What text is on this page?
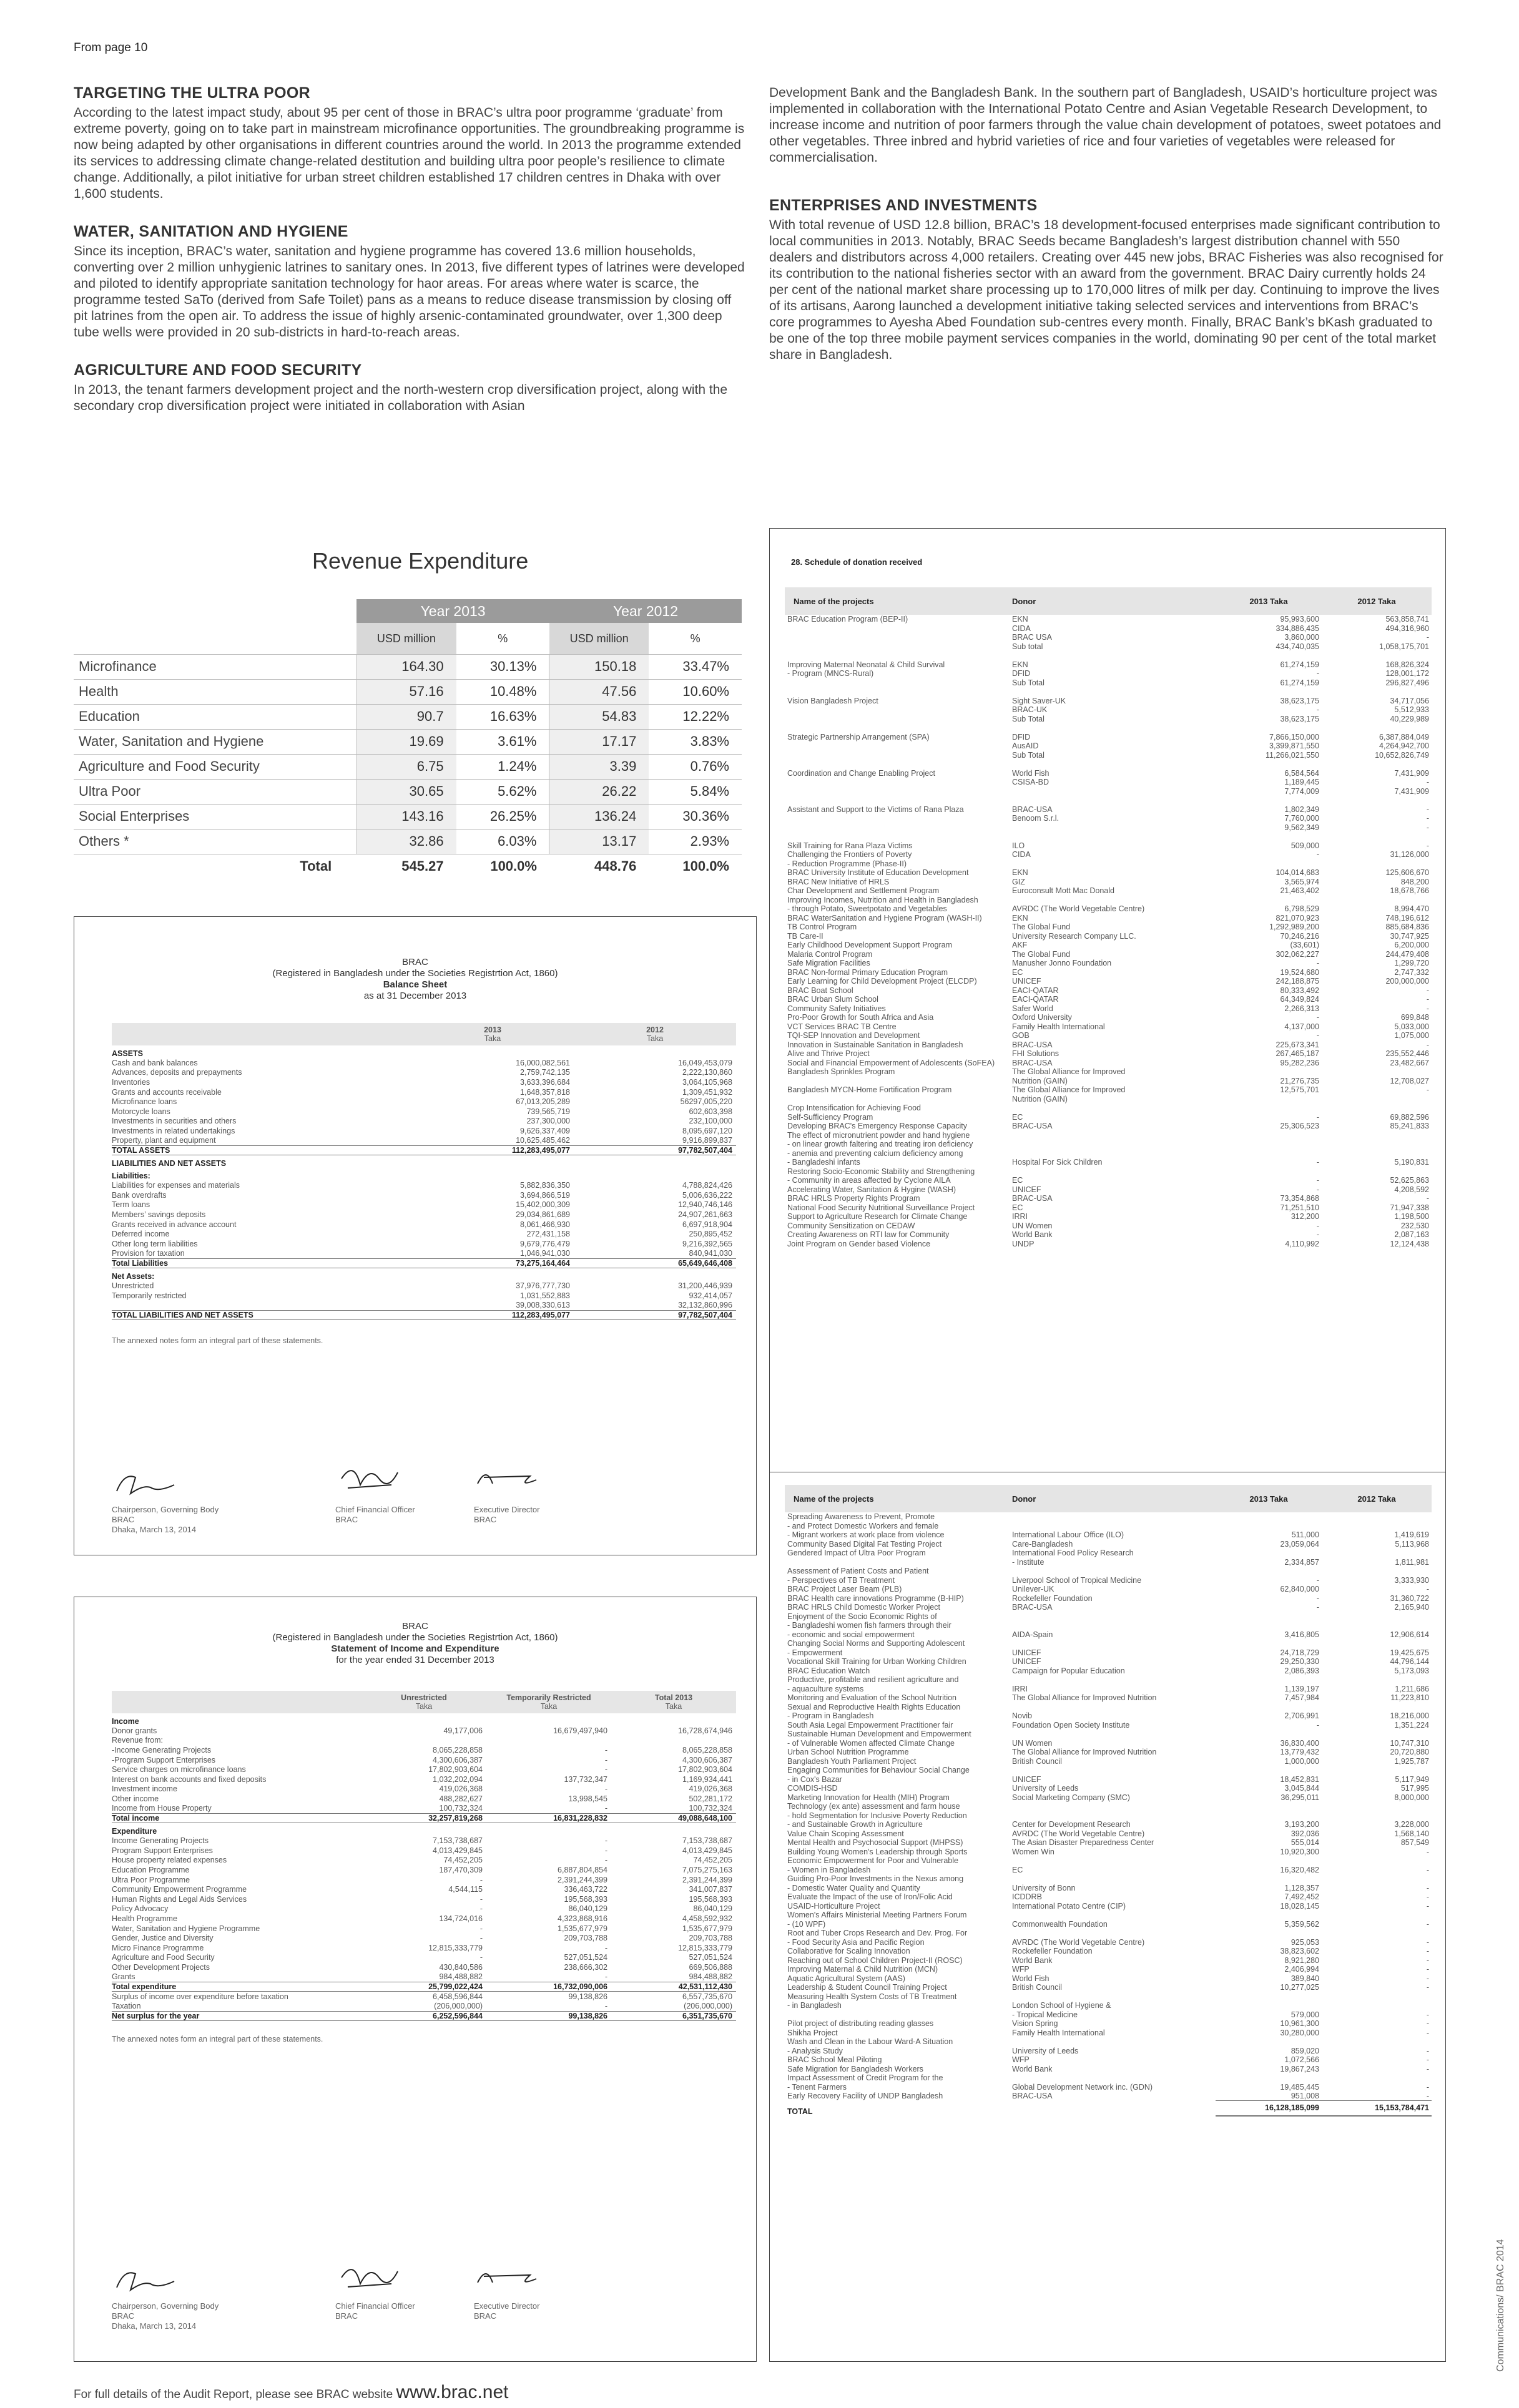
From page 10
TARGETING THE ULTRA POOR

According to the latest impact study, about 95 per cent of those in BRAC’s ultra poor programme ‘graduate’ from extreme poverty, going on to take part in mainstream microfinance opportunities. The groundbreaking programme is now being adapted by other organisations in different countries around the world. In 2013 the programme extended its services to addressing climate change-related destitution and building ultra poor people’s resilience to climate change. Additionally, a pilot initiative for urban street children established 17 children centres in Dhaka with over 1,600 students.

WATER, SANITATION AND HYGIENE

Since its inception, BRAC’s water, sanitation and hygiene programme has covered 13.6 million households, converting over 2 million unhygienic latrines to sanitary ones. In 2013, five different types of latrines were developed and piloted to identify appropriate sanitation technology for haor areas. For areas where water is scarce, the programme tested SaTo (derived from Safe Toilet) pans as a means to reduce disease transmission by closing off pit latrines from the open air. To address the issue of highly arsenic-contaminated groundwater, over 1,300 deep tube wells were provided in 20 sub-districts in hard-to-reach areas.

AGRICULTURE AND FOOD SECURITY

In 2013, the tenant farmers development project and the north-western crop diversification project, along with the secondary crop diversification project were initiated in collaboration with Asian

Development Bank and the Bangladesh Bank. In the southern part of Bangladesh, USAID’s horticulture project was implemented in collaboration with the International Potato Centre and Asian Vegetable Research Development, to increase income and nutrition of poor farmers through the value chain development of potatoes, sweet potatoes and other vegetables. Three inbred and hybrid varieties of rice and four varieties of vegetables were released for commercialisation.

ENTERPRISES AND INVESTMENTS

With total revenue of USD 12.8 billion, BRAC’s 18 development-focused enterprises made significant contribution to local communities in 2013. Notably, BRAC Seeds became Bangladesh’s largest distribution channel with 550 dealers and distributors across 4,000 retailers. Creating over 445 new jobs, BRAC Fisheries was also recognised for its contribution to the national fisheries sector with an award from the government. BRAC Dairy currently holds 24 per cent of the national market share processing up to 170,000 litres of milk per day. Continuing to improve the lives of its artisans, Aarong launched a development initiative taking selected services and interventions from BRAC’s core programmes to Ayesha Abed Foundation sub-centres every month. Finally, BRAC Bank’s bKash graduated to be one of the top three mobile payment services companies in the world, dominating 90 per cent of the total market share in Bangladesh.

Revenue Expenditure
	Year 2013		Year 2012	
	USD million	%	USD million	%
Microfinance	164.30	30.13%	150.18	33.47%
Health	57.16	10.48%	47.56	10.60%
Education	90.7	16.63%	54.83	12.22%
Water, Sanitation and Hygiene	19.69	3.61%	17.17	3.83%
Agriculture and Food Security	6.75	1.24%	3.39	0.76%
Ultra Poor	30.65	5.62%	26.22	5.84%
Social Enterprises	143.16	26.25%	136.24	30.36%
Others *	32.86	6.03%	13.17	2.93%
Total	545.27	100.0%	448.76	100.0%
BRAC
(Registered in Bangladesh under the Societies Registrtion Act, 1860)
Balance Sheet
as at 31 December 2013
	2013
Taka	2012
Taka
ASSETS		
Cash and bank balances	16,000,082,561	16,049,453,079
Advances, deposits and prepayments	2,759,742,135	2,222,130,860
Inventories	3,633,396,684	3,064,105,968
Grants and accounts receivable	1,648,357,818	1,309,451,932
Microfinance loans	67,013,205,289	56297,005,220
Motorcycle loans	739,565,719	602,603,398
Investments in securities and others	237,300,000	232,100,000
Investments in related undertakings	9,626,337,409	8,095,697,120
Property, plant and equipment	10,625,485,462	9,916,899,837
TOTAL ASSETS	112,283,495,077	97,782,507,404
LIABILITIES AND NET ASSETS		
Liabilities:		
Liabilities for expenses and materials	5,882,836,350	4,788,824,426
Bank overdrafts	3,694,866,519	5,006,636,222
Term loans	15,402,000,309	12,940,746,146
Members’ savings deposits	29,034,861,689	24,907,261,663
Grants received in advance account	8,061,466,930	6,697,918,904
Deferred income	272,431,158	250,895,452
Other long term liabilities	9,679,776,479	9,216,392,565
Provision for taxation	1,046,941,030	840,941,030
Total Liabilities	73,275,164,464	65,649,646,408
Net Assets:		
Unrestricted	37,976,777,730	31,200,446,939
Temporarily restricted	1,031,552,883	932,414,057
	39,008,330,613	32,132,860,996
TOTAL LIABILITIES AND NET ASSETS	112,283,495,077	97,782,507,404
The annexed notes form an integral part of these statements.
Chairperson, Governing Body
BRAC
Dhaka, March 13, 2014
Chief Financial Officer
BRAC
Executive Director
BRAC
BRAC
(Registered in Bangladesh under the Societies Registrtion Act, 1860)
Statement of Income and Expenditure
for the year ended 31 December 2013
	Unrestricted
Taka	Temporarily Restricted
Taka	Total 2013
Taka
Income			
Donor grants	49,177,006	16,679,497,940	16,728,674,946
Revenue from:			
-Income Generating Projects	8,065,228,858	-	8,065,228,858
-Program Support Enterprises	4,300,606,387	-	4,300,606,387
Service charges on microfinance loans	17,802,903,604	-	17,802,903,604
Interest on bank accounts and fixed deposits	1,032,202,094	137,732,347	1,169,934,441
Investment income	419,026,368	-	419,026,368
Other income	488,282,627	13,998,545	502,281,172
Income from House Property	100,732,324	-	100,732,324
Total income	32,257,819,268	16,831,228,832	49,088,648,100
Expenditure			
Income Generating Projects	7,153,738,687	-	7,153,738,687
Program Support Enterprises	4,013,429,845	-	4,013,429,845
House property related expenses	74,452,205	-	74,452,205
Education Programme	187,470,309	6,887,804,854	7,075,275,163
Ultra Poor Programme	-	2,391,244,399	2,391,244,399
Community Empowerment Programme	4,544,115	336,463,722	341,007,837
Human Rights and Legal Aids Services	-	195,568,393	195,568,393
Policy Advocacy	-	86,040,129	86,040,129
Health Programme	134,724,016	4,323,868,916	4,458,592,932
Water, Sanitation and Hygiene Programme	-	1,535,677,979	1,535,677,979
Gender, Justice and Diversity	-	209,703,788	209,703,788
Micro Finance Programme	12,815,333,779	-	12,815,333,779
Agriculture and Food Security	-	527,051,524	527,051,524
Other Development Projects	430,840,586	238,666,302	669,506,888
Grants	984,488,882	-	984,488,882
Total expenditure	25,799,022,424	16,732,090,006	42,531,112,430
Surplus of income over expenditure before taxation	6,458,596,844	99,138,826	6,557,735,670
Taxation	(206,000,000)	-	(206,000,000)
Net surplus for the year	6,252,596,844	99,138,826	6,351,735,670
The annexed notes form an integral part of these statements.
Chairperson, Governing Body
BRAC
Dhaka, March 13, 2014
Chief Financial Officer
BRAC
Executive Director
BRAC
28. Schedule of donation received
Name of the projects	Donor	2013 Taka	2012 Taka
BRAC Education Program (BEP-II)	EKN	95,993,600	563,858,741
	CIDA	334,886,435	494,316,960
	BRAC USA	3,860,000	-
	Sub total	434,740,035	1,058,175,701

Improving Maternal Neonatal & Child Survival	EKN	61,274,159	168,826,324
- Program (MNCS-Rural)	DFID	-	128,001,172
	Sub Total	61,274,159	296,827,496

Vision Bangladesh Project	Sight Saver-UK	38,623,175	34,717,056
	BRAC-UK	-	5,512,933
	Sub Total	38,623,175	40,229,989

Strategic Partnership Arrangement (SPA)	DFID	7,866,150,000	6,387,884,049
	AusAID	3,399,871,550	4,264,942,700
	Sub Total	11,266,021,550	10,652,826,749

Coordination and Change Enabling Project	World Fish	6,584,564	7,431,909
	CSISA-BD	1,189,445	-
		7,774,009	7,431,909

Assistant and Support to the Victims of Rana Plaza	BRAC-USA	1,802,349	-
	Benoom S.r.l.	7,760,000	-
		9,562,349	-

Skill Training for Rana Plaza Victims	ILO	509,000	-
Challenging the Frontiers of Poverty	CIDA	-	31,126,000
- Reduction Programme (Phase-II)			
BRAC University Institute of Education Development	EKN	104,014,683	125,606,670
BRAC New Initiative of HRLS	GIZ	3,565,974	848,200
Char Development and Settlement Program	Euroconsult Mott Mac Donald	21,463,402	18,678,766
Improving Incomes, Nutrition and Health in Bangladesh			
- through Potato, Sweetpotato and Vegetables	AVRDC (The World Vegetable Centre)	6,798,529	8,994,470
BRAC WaterSanitation and Hygiene Program (WASH-II)	EKN	821,070,923	748,196,612
TB Control Program	The Global Fund	1,292,989,200	885,684,836
TB Care-II	University Research Company LLC.	70,246,216	30,747,925
Early Childhood Development Support Program	AKF	(33,601)	6,200,000
Malaria Control Program	The Global Fund	302,062,227	244,479,408
Safe Migration Facilities	Manusher Jonno Foundation	-	1,299,720
BRAC Non-formal Primary Education Program	EC	19,524,680	2,747,332
Early Learning for Child Development Project (ELCDP)	UNICEF	242,188,875	200,000,000
BRAC Boat School	EACI-QATAR	80,333,492	-
BRAC Urban Slum School	EACI-QATAR	64,349,824	-
Community Safety Initiatives	Safer World	2,266,313	-
Pro-Poor Growth for South Africa and Asia	Oxford University	-	699,848
VCT Services BRAC TB Centre	Family Health International	4,137,000	5,033,000
TQI-SEP Innovation and Development	GOB	-	1,075,000
Innovation in Sustainable Sanitation in Bangladesh	BRAC-USA	225,673,341	-
Alive and Thrive Project	FHI Solutions	267,465,187	235,552,446
Social and Financial Empowerment of Adolescents (SoFEA)	BRAC-USA	95,282,236	23,482,667
Bangladesh Sprinkles Program	The Global Alliance for Improved		
	Nutrition (GAIN)	21,276,735	12,708,027
Bangladesh MYCN-Home Fortification Program	The Global Alliance for Improved	12,575,701	-
	Nutrition (GAIN)		
Crop Intensification for Achieving Food			
Self-Sufficiency Program	EC	-	69,882,596
Developing BRAC's Emergency Response Capacity	BRAC-USA	25,306,523	85,241,833
The effect of micronutrient powder and hand hygiene			
- on linear growth faltering and treating iron deficiency			
- anemia and preventing calcium deficiency among			
- Bangladeshi infants	Hospital For Sick Children	-	5,190,831
Restoring Socio-Economic Stability and Strengthening			
- Community in areas affected by Cyclone AILA	EC	-	52,625,863
Accelerating Water, Sanitation & Hygine (WASH)	UNICEF	-	4,208,592
BRAC HRLS Property Rights Program	BRAC-USA	73,354,868	-
National Food Security Nutritional Surveillance Project	EC	71,251,510	71,947,338
Support to Agriculture Research for Climate Change	IRRI	312,200	1,198,500
Community Sensitization on CEDAW	UN Women	-	232,530
Creating Awareness on RTI law for Community	World Bank	-	2,087,163
Joint Program on Gender based Violence	UNDP	4,110,992	12,124,438
Name of the projects	Donor	2013 Taka	2012 Taka
Spreading Awareness to Prevent, Promote			
- and Protect Domestic Workers and female			
- Migrant workers at work place from violence	International Labour Office (ILO)	511,000	1,419,619
Community Based Digital Fat Testing Project	Care-Bangladesh	23,059,064	5,113,968
Gendered Impact of Ultra Poor Program	International Food Policy Research		
	- Institute	2,334,857	1,811,981
Assessment of Patient Costs and Patient			
- Perspectives of TB Treatment	Liverpool School of Tropical Medicine	-	3,333,930
BRAC Project Laser Beam (PLB)	Unilever-UK	62,840,000	-
BRAC Health care innovations Programme (B-HIP)	Rockefeller Foundation	-	31,360,722
BRAC HRLS Child Domestic Worker Project	BRAC-USA	-	2,165,940
Enjoyment of the Socio Economic Rights of			
- Bangladeshi women fish farmers through their			
- economic and social empowerment	AIDA-Spain	3,416,805	12,906,614
Changing Social Norms and Supporting Adolescent			
- Empowerment	UNICEF	24,718,729	19,425,675
Vocational Skill Training for Urban Working Children	UNICEF	29,250,330	44,796,144
BRAC Education Watch	Campaign for Popular Education	2,086,393	5,173,093
Productive, profitable and resilient agriculture and			
- aquaculture systems	IRRI	1,139,197	1,211,686
Monitoring and Evaluation of the School Nutrition	The Global Alliance for Improved Nutrition	7,457,984	11,223,810
Sexual and Reproductive Health Rights Education			
- Program in Bangladesh	Novib	2,706,991	18,216,000
South Asia Legal Empowerment Practitioner fair	Foundation Open Society Institute	-	1,351,224
Sustainable Human Development and Empowerment			
- of Vulnerable Women affected Climate Change	UN Women	36,830,400	10,747,310
Urban School Nutrition Programme	The Global Alliance for Improved Nutrition	13,779,432	20,720,880
Bangladesh Youth Parliament Project	British Council	1,000,000	1,925,787
Engaging Communities for Behaviour Social Change			
- in Cox's Bazar	UNICEF	18,452,831	5,117,949
COMDIS-HSD	University of Leeds	3,045,844	517,995
Marketing Innovation for Health (MIH) Program	Social Marketing Company (SMC)	36,295,011	8,000,000
Technology (ex ante) assessment and farm house			
- hold Segmentation for Inclusive Poverty Reduction			
- and Sustainable Growth in Agriculture	Center for Development Research	3,193,200	3,228,000
Value Chain Scoping Assessment	AVRDC (The World Vegetable Centre)	392,036	1,568,140
Mental Health and Psychosocial Support (MHPSS)	The Asian Disaster Preparedness Center	555,014	857,549
Building Young Women's Leadership through Sports	Women Win	10,920,300	-
Economic Empowerment for Poor and Vulnerable			
- Women in Bangladesh	EC	16,320,482	-
Guiding Pro-Poor Investments in the Nexus among			
- Domestic Water Quality and Quantity	University of Bonn	1,128,357	-
Evaluate the Impact of the use of Iron/Folic Acid	ICDDRB	7,492,452	-
USAID-Horticulture Project	International Potato Centre (CIP)	18,028,145	-
Women's Affairs Ministerial Meeting Partners Forum			
- (10 WPF)	Commonwealth Foundation	5,359,562	-
Root and Tuber Crops Research and Dev. Prog. For			
- Food Security Asia and Pacific Region	AVRDC (The World Vegetable Centre)	925,053	-
Collaborative for Scaling Innovation	Rockefeller Foundation	38,823,602	-
Reaching out of School Children Project-II (ROSC)	World Bank	8,921,280	-
Improving Maternal & Child Nutrition (MCN)	WFP	2,406,994	-
Aquatic Agricultural System (AAS)	World Fish	389,840	-
Leadership & Student Council Training Project	British Council	10,277,025	-
Measuring Health System Costs of TB Treatment			
- in Bangladesh	London School of Hygiene &		
	- Tropical Medicine	579,000	-
Pilot project of distributing reading glasses	Vision Spring	10,961,300	-
Shikha Project	Family Health International	30,280,000	-
Wash and Clean in the Labour Ward-A Situation			
- Analysis Study	University of Leeds	859,020	-
BRAC School Meal Piloting	WFP	1,072,566	-
Safe Migration for Bangladesh Workers	World Bank	19,867,243	-
Impact Assessment of Credit Program for the			
- Tenent Farmers	Global Development Network inc. (GDN)	19,485,445	-
Early Recovery Facility of UNDP Bangladesh	BRAC-USA	951,008	-
TOTAL		16,128,185,099	15,153,784,471
For full details of the Audit Report, please see BRAC website www.brac.net
Communications/ BRAC 2014
